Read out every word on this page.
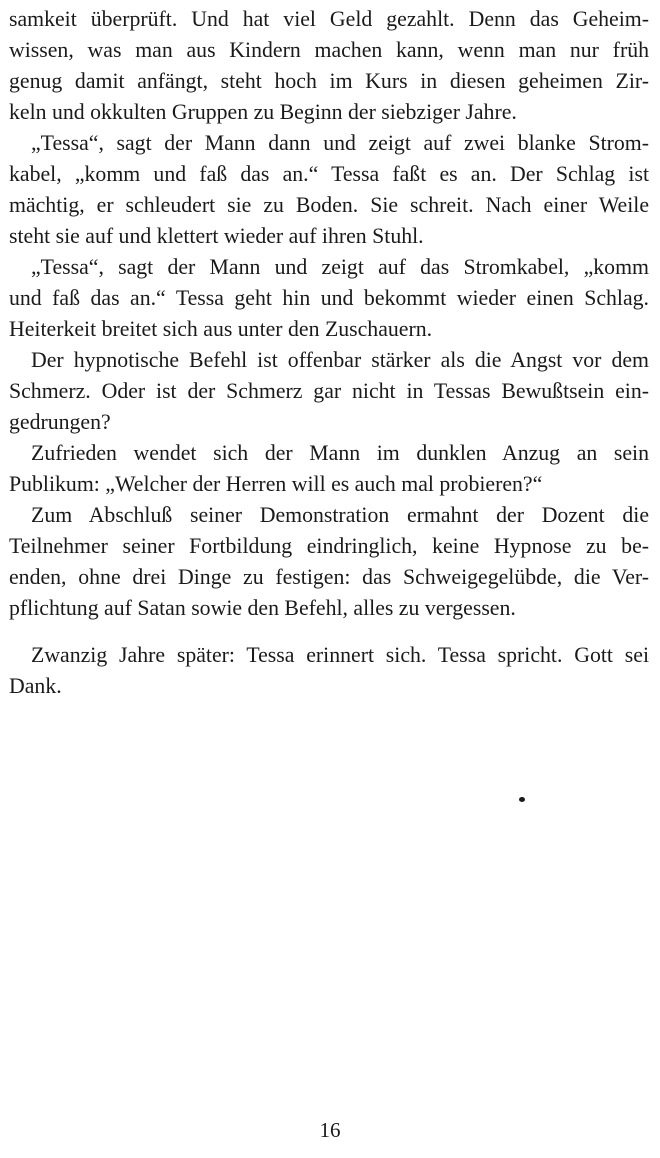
samkeit überprüft. Und hat viel Geld gezahlt. Denn das Geheim-
wissen, was man aus Kindern machen kann, wenn man nur früh
genug damit anfängt, steht hoch im Kurs in diesen geheimen Zir-
keln und okkulten Gruppen zu Beginn der siebziger Jahre.
„Tessa“, sagt der Mann dann und zeigt auf zwei blanke Strom-
kabel, „komm und faß das an.“ Tessa faßt es an. Der Schlag ist
mächtig, er schleudert sie zu Boden. Sie schreit. Nach einer Weile
steht sie auf und klettert wieder auf ihren Stuhl.
„Tessa“, sagt der Mann und zeigt auf das Stromkabel, „komm
und faß das an.“ Tessa geht hin und bekommt wieder einen Schlag.
Heiterkeit breitet sich aus unter den Zuschauern.
Der hypnotische Befehl ist offenbar stärker als die Angst vor dem
Schmerz. Oder ist der Schmerz gar nicht in Tessas Bewußtsein ein-
gedrungen?
Zufrieden wendet sich der Mann im dunklen Anzug an sein
Publikum: „Welcher der Herren will es auch mal probieren?“
Zum Abschluß seiner Demonstration ermahnt der Dozent die
Teilnehmer seiner Fortbildung eindringlich, keine Hypnose zu be-
enden, ohne drei Dinge zu festigen: das Schweigegelübde, die Ver-
pflichtung auf Satan sowie den Befehl, alles zu vergessen.
Zwanzig Jahre später: Tessa erinnert sich. Tessa spricht. Gott sei
Dank.
16
